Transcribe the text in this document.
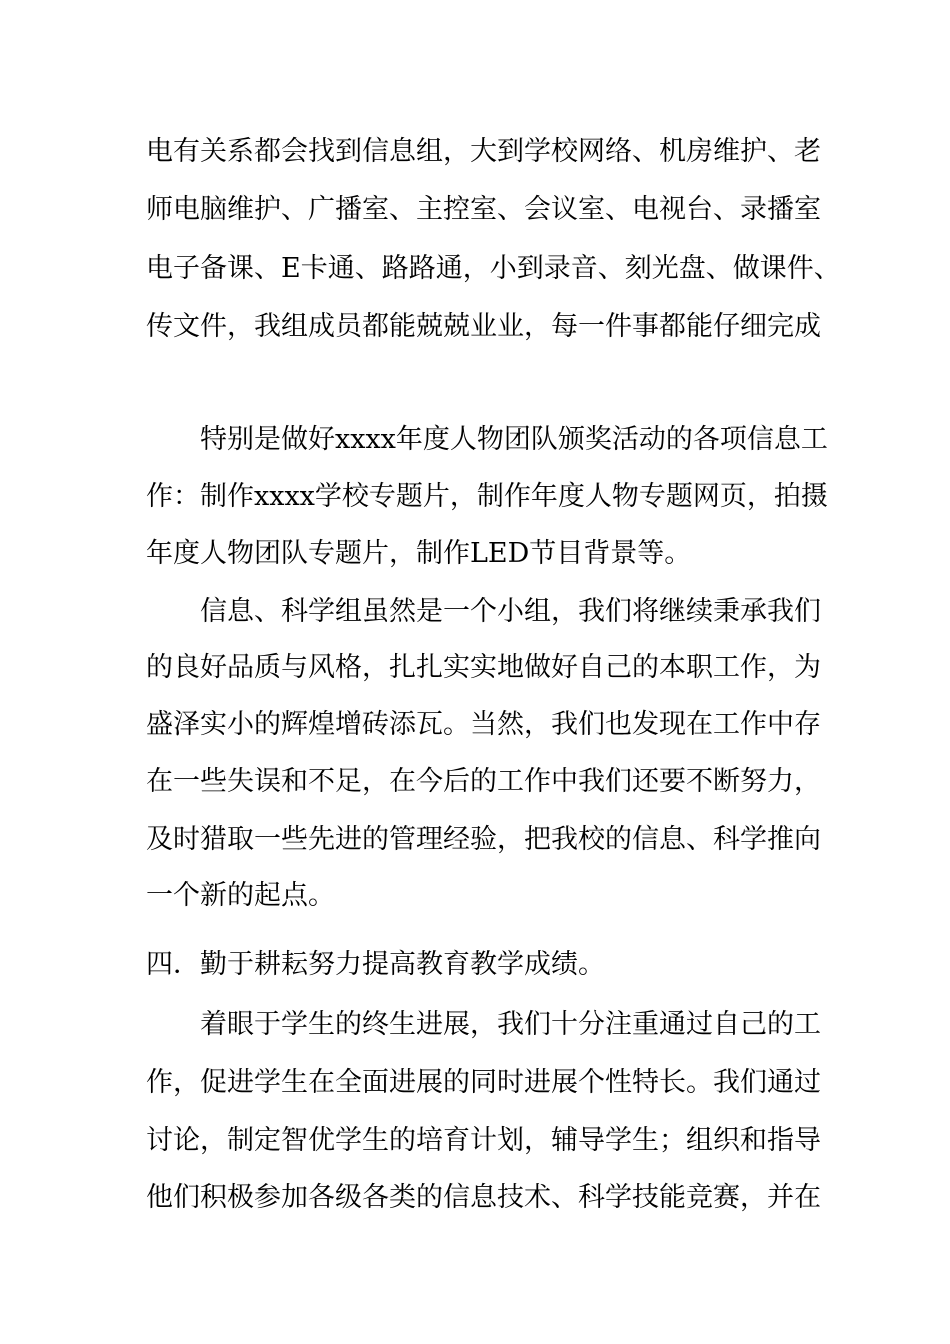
电有关系都会找到信息组，大到学校网络、机房维护、老
师电脑维护、广播室、主控室、会议室、电视台、录播室
电子备课、E卡通、路路通，小到录音、刻光盘、做课件、
传文件，我组成员都能兢兢业业，每一件事都能仔细完成
特别是做好xxxx年度人物团队颁奖活动的各项信息工
作：制作xxxx学校专题片，制作年度人物专题网页，拍摄
年度人物团队专题片，制作LED节目背景等。
信息、科学组虽然是一个小组，我们将继续秉承我们
的良好品质与风格，扎扎实实地做好自己的本职工作，为
盛泽实小的辉煌增砖添瓦。当然，我们也发现在工作中存
在一些失误和不足，在今后的工作中我们还要不断努力，
及时猎取一些先进的管理经验，把我校的信息、科学推向
一个新的起点。
四．勤于耕耘努力提高教育教学成绩。
着眼于学生的终生进展，我们十分注重通过自己的工
作，促进学生在全面进展的同时进展个性特长。我们通过
讨论，制定智优学生的培育计划，辅导学生；组织和指导
他们积极参加各级各类的信息技术、科学技能竞赛，并在
